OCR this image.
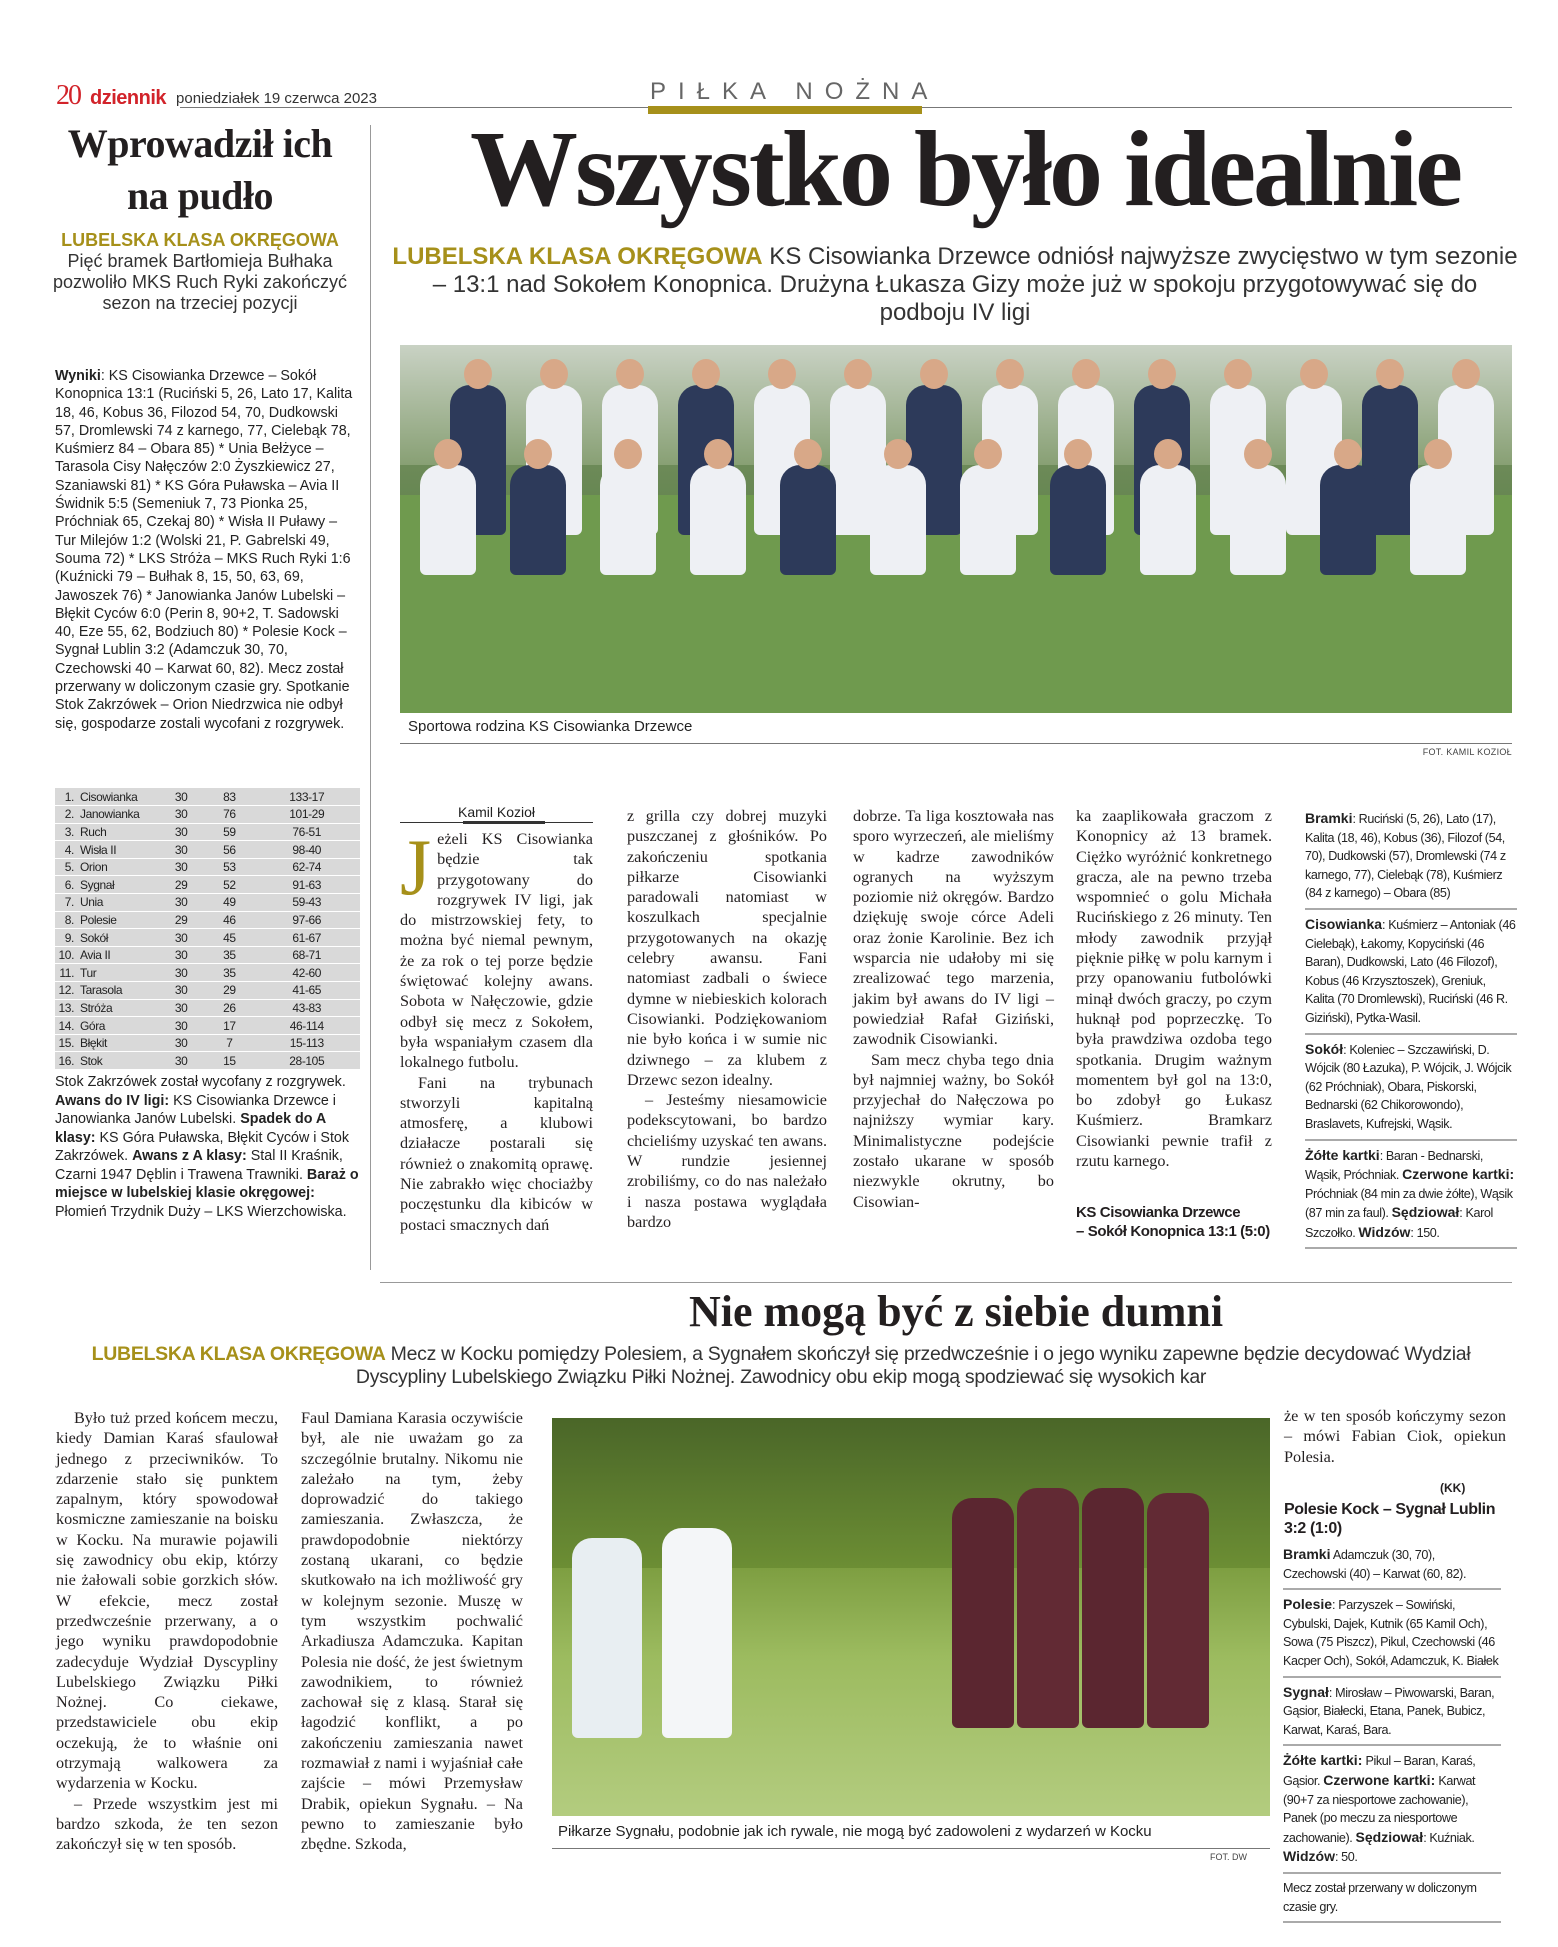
20 dziennik poniedziałek 19 czerwca 2023	PIŁKA NOŻNA
Wprowadził ich na pudło
LUBELSKA KLASA OKRĘGOWA Pięć bramek Bartłomieja Bułhaka pozwoliło MKS Ruch Ryki zakończyć sezon na trzeciej pozycji
Wyniki: KS Cisowianka Drzewce – Sokół Konopnica 13:1 (Ruciński 5, 26, Lato 17, Kalita 18, 46, Kobus 36, Filozod 54, 70, Dudkowski 57, Dromlewski 74 z karnego, 77, Cielebąk 78, Kuśmierz 84 – Obara 85) * Unia Bełżyce – Tarasola Cisy Nałęczów 2:0 Żyszkiewicz 27, Szaniawski 81) * KS Góra Puławska – Avia II Świdnik 5:5 (Semeniuk 7, 73 Pionka 25, Próchniak 65, Czekaj 80) * Wisła II Puławy – Tur Milejów 1:2 (Wolski 21, P. Gabrelski 49, Souma 72) * LKS Stróża – MKS Ruch Ryki 1:6 (Kuźnicki 79 – Bułhak 8, 15, 50, 63, 69, Jawoszek 76) * Janowianka Janów Lubelski – Błękit Cyców 6:0 (Perin 8, 90+2, T. Sadowski 40, Eze 55, 62, Bodziuch 80) * Polesie Kock – Sygnał Lublin 3:2 (Adamczuk 30, 70, Czechowski 40 – Karwat 60, 82). Mecz został przerwany w doliczonym czasie gry. Spotkanie Stok Zakrzówek – Orion Niedrzwica nie odbył się, gospodarze zostali wycofani z rozgrywek.
1.	Cisowianka	30	83	133-17
2.	Janowianka	30	76	101-29
3.	Ruch	30	59	76-51
4.	Wisła II	30	56	98-40
5.	Orion	30	53	62-74
6.	Sygnał	29	52	91-63
7.	Unia	30	49	59-43
8.	Polesie	29	46	97-66
9.	Sokół	30	45	61-67
10.	Avia II	30	35	68-71
11.	Tur	30	35	42-60
12.	Tarasola	30	29	41-65
13.	Stróża	30	26	43-83
14.	Góra	30	17	46-114
15.	Błękit	30	7	15-113
16.	Stok	30	15	28-105
Stok Zakrzówek został wycofany z rozgrywek.
Awans do IV ligi: KS Cisowianka Drzewce i Janowianka Janów Lubelski. Spadek do A klasy: KS Góra Puławska, Błękit Cyców i Stok Zakrzówek. Awans z A klasy: Stal II Kraśnik, Czarni 1947 Dęblin i Trawena Trawniki. Baraż o miejsce w lubelskiej klasie okręgowej: Płomień Trzydnik Duży – LKS Wierzchowiska.
Wszystko było idealnie
LUBELSKA KLASA OKRĘGOWA KS Cisowianka Drzewce odniósł najwyższe zwycięstwo w tym sezonie – 13:1 nad Sokołem Konopnica. Drużyna Łukasza Gizy może już w spokoju przygotowywać się do podboju IV ligi
Sportowa rodzina KS Cisowianka Drzewce
FOT. KAMIL KOZIOŁ
Kamil Kozioł

Jeżeli KS Cisowianka będzie tak przygotowany do rozgrywek IV ligi, jak do mistrzowskiej fety, to można być niemal pewnym, że za rok o tej porze będzie świętować kolejny awans. Sobota w Nałęczowie, gdzie odbył się mecz z Sokołem, była wspaniałym czasem dla lokalnego futbolu.

Fani na trybunach stworzyli kapitalną atmosferę, a klubowi działacze postarali się również o znakomitą oprawę. Nie zabrakło więc chociażby poczęstunku dla kibiców w postaci smacznych dań

z grilla czy dobrej muzyki puszczanej z głośników. Po zakończeniu spotkania piłkarze Cisowianki paradowali natomiast w koszulkach specjalnie przygotowanych na okazję celebry awansu. Fani natomiast zadbali o świece dymne w niebieskich kolorach Cisowianki. Podziękowaniom nie było końca i w sumie nic dziwnego – za klubem z Drzewc sezon idealny.

– Jesteśmy niesamowicie podekscytowani, bo bardzo chcieliśmy uzyskać ten awans. W rundzie jesiennej zrobiliśmy, co do nas należało i nasza postawa wyglądała bardzo

dobrze. Ta liga kosztowała nas sporo wyrzeczeń, ale mieliśmy w kadrze zawodników ogranych na wyższym poziomie niż okręgów. Bardzo dziękuję swoje córce Adeli oraz żonie Karolinie. Bez ich wsparcia nie udałoby mi się zrealizować tego marzenia, jakim był awans do IV ligi – powiedział Rafał Giziński, zawodnik Cisowianki.

Sam mecz chyba tego dnia był najmniej ważny, bo Sokół przyjechał do Nałęczowa po najniższy wymiar kary. Minimalistyczne podejście zostało ukarane w sposób niezwykle okrutny, bo Cisowian-

ka zaaplikowała graczom z Konopnicy aż 13 bramek. Ciężko wyróżnić konkretnego gracza, ale na pewno trzeba wspomnieć o golu Michała Rucińskiego z 26 minuty. Ten młody zawodnik przyjął pięknie piłkę w polu karnym i przy opanowaniu futbolówki minął dwóch graczy, po czym huknął pod poprzeczkę. To była prawdziwa ozdoba tego spotkania. Drugim ważnym momentem był gol na 13:0, bo zdobył go Łukasz Kuśmierz. Bramkarz Cisowianki pewnie trafił z rzutu karnego.

KS Cisowianka Drzewce
– Sokół Konopnica 13:1 (5:0)
Bramki: Ruciński (5, 26), Lato (17), Kalita (18, 46), Kobus (36), Filozof (54, 70), Dudkowski (57), Dromlewski (74 z karnego, 77), Cielebąk (78), Kuśmierz (84 z karnego) – Obara (85)
Cisowianka: Kuśmierz – Antoniak (46 Cielebąk), Łakomy, Kopyciński (46 Baran), Dudkowski, Lato (46 Filozof), Kobus (46 Krzysztoszek), Greniuk, Kalita (70 Dromlewski), Ruciński (46 R. Giziński), Pytka-Wasil.
Sokół: Koleniec – Szczawiński, D. Wójcik (80 Łazuka), P. Wójcik, J. Wójcik (62 Próchniak), Obara, Piskorski, Bednarski (62 Chikorowondo), Braslavets, Kufrejski, Wąsik.
Żółte kartki: Baran - Bednarski, Wąsik, Próchniak. Czerwone kartki: Próchniak (84 min za dwie żółte), Wąsik (87 min za faul). Sędziował: Karol Szczołko. Widzów: 150.
Nie mogą być z siebie dumni
LUBELSKA KLASA OKRĘGOWA Mecz w Kocku pomiędzy Polesiem, a Sygnałem skończył się przedwcześnie i o jego wyniku zapewne będzie decydować Wydział Dyscypliny Lubelskiego Związku Piłki Nożnej. Zawodnicy obu ekip mogą spodziewać się wysokich kar

Było tuż przed końcem meczu, kiedy Damian Karaś sfaulował jednego z przeciwników. To zdarzenie stało się punktem zapalnym, który spowodował kosmiczne zamieszanie na boisku w Kocku. Na murawie pojawili się zawodnicy obu ekip, którzy nie żałowali sobie gorzkich słów. W efekcie, mecz został przedwcześnie przerwany, a o jego wyniku prawdopodobnie zadecyduje Wydział Dyscypliny Lubelskiego Związku Piłki Nożnej. Co ciekawe, przedstawiciele obu ekip oczekują, że to właśnie oni otrzymają walkowera za wydarzenia w Kocku.

– Przede wszystkim jest mi bardzo szkoda, że ten sezon zakończył się w ten sposób.

Faul Damiana Karasia oczywiście był, ale nie uważam go za szczególnie brutalny. Nikomu nie zależało na tym, żeby doprowadzić do takiego zamieszania. Zwłaszcza, że prawdopodobnie niektórzy zostaną ukarani, co będzie skutkowało na ich możliwość gry w kolejnym sezonie. Muszę w tym wszystkim pochwalić Arkadiusza Adamczuka. Kapitan Polesia nie dość, że jest świetnym zawodnikiem, to również zachował się z klasą. Starał się łagodzić konflikt, a po zakończeniu zamieszania nawet rozmawiał z nami i wyjaśniał całe zajście – mówi Przemysław Drabik, opiekun Sygnału. – Na pewno to zamieszanie było zbędne. Szkoda,

Piłkarze Sygnału, podobnie jak ich rywale, nie mogą być zadowoleni z wydarzeń w Kocku
FOT. DW

że w ten sposób kończymy sezon – mówi Fabian Ciok, opiekun Polesia.

(KK)
Polesie Kock – Sygnał Lublin
3:2 (1:0)
Bramki Adamczuk (30, 70), Czechowski (40) – Karwat (60, 82).
Polesie: Parzyszek – Sowiński, Cybulski, Dajek, Kutnik (65 Kamil Och), Sowa (75 Piszcz), Pikul, Czechowski (46 Kacper Och), Sokół, Adamczuk, K. Białek
Sygnał: Mirosław – Piwowarski, Baran, Gąsior, Białecki, Etana, Panek, Bubicz, Karwat, Karaś, Bara.
Żółte kartki: Pikul – Baran, Karaś, Gąsior. Czerwone kartki: Karwat (90+7 za niesportowe zachowanie), Panek (po meczu za niesportowe zachowanie). Sędziował: Kuźniak. Widzów: 50.
Mecz został przerwany w doliczonym czasie gry.
